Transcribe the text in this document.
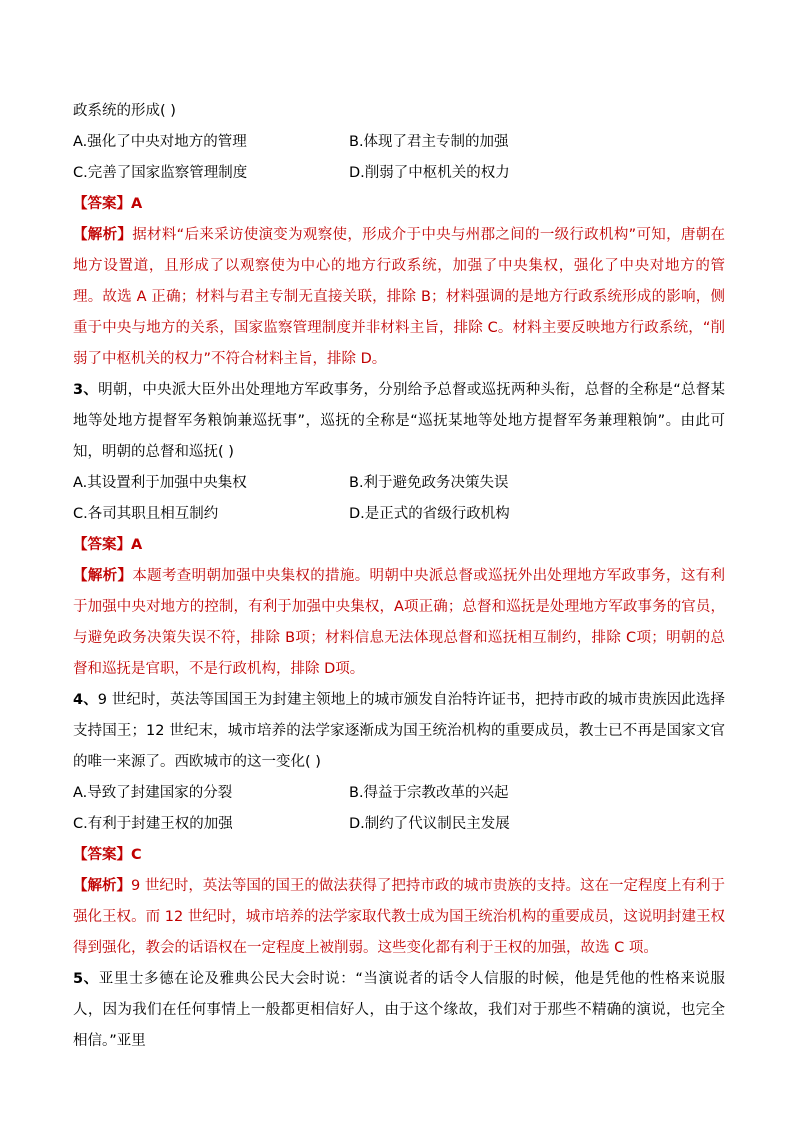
政系统的形成( )
A.强化了中央对地方的管理	B.体现了君主专制的加强
C.完善了国家监察管理制度	D.削弱了中枢机关的权力
【答案】A
【解析】据材料“后来采访使演变为观察使，形成介于中央与州郡之间的一级行政机构”可知，唐朝在地方设置道，且形成了以观察使为中心的地方行政系统，加强了中央集权，强化了中央对地方的管理。故选 A 正确；材料与君主专制无直接关联，排除 B；材料强调的是地方行政系统形成的影响，侧重于中央与地方的关系，国家监察管理制度并非材料主旨，排除 C。材料主要反映地方行政系统，“削弱了中枢机关的权力”不符合材料主旨，排除 D。
3、明朝，中央派大臣外出处理地方军政事务，分别给予总督或巡抚两种头衔，总督的全称是“总督某地等处地方提督军务粮饷兼巡抚事”，巡抚的全称是“巡抚某地等处地方提督军务兼理粮饷”。由此可知，明朝的总督和巡抚( )
A.其设置利于加强中央集权	B.利于避免政务决策失误
C.各司其职且相互制约	D.是正式的省级行政机构
【答案】A
【解析】本题考查明朝加强中央集权的措施。明朝中央派总督或巡抚外出处理地方军政事务，这有利于加强中央对地方的控制，有利于加强中央集权，A项正确；总督和巡抚是处理地方军政事务的官员，与避免政务决策失误不符，排除 B项；材料信息无法体现总督和巡抚相互制约，排除 C项；明朝的总督和巡抚是官职，不是行政机构，排除 D项。
4、9 世纪时，英法等国国王为封建主领地上的城市颁发自治特许证书，把持市政的城市贵族因此选择支持国王；12 世纪末，城市培养的法学家逐渐成为国王统治机构的重要成员，教士已不再是国家文官的唯一来源了。西欧城市的这一变化( )
A.导致了封建国家的分裂	B.得益于宗教改革的兴起
C.有利于封建王权的加强	D.制约了代议制民主发展
【答案】C
【解析】9 世纪时，英法等国的国王的做法获得了把持市政的城市贵族的支持。这在一定程度上有利于强化王权。而 12 世纪时，城市培养的法学家取代教士成为国王统治机构的重要成员，这说明封建王权得到强化，教会的话语权在一定程度上被削弱。这些变化都有利于王权的加强，故选 C 项。
5、亚里士多德在论及雅典公民大会时说：“当演说者的话令人信服的时候，他是凭他的性格来说服人，因为我们在任何事情上一般都更相信好人，由于这个缘故，我们对于那些不精确的演说，也完全相信。”亚里
